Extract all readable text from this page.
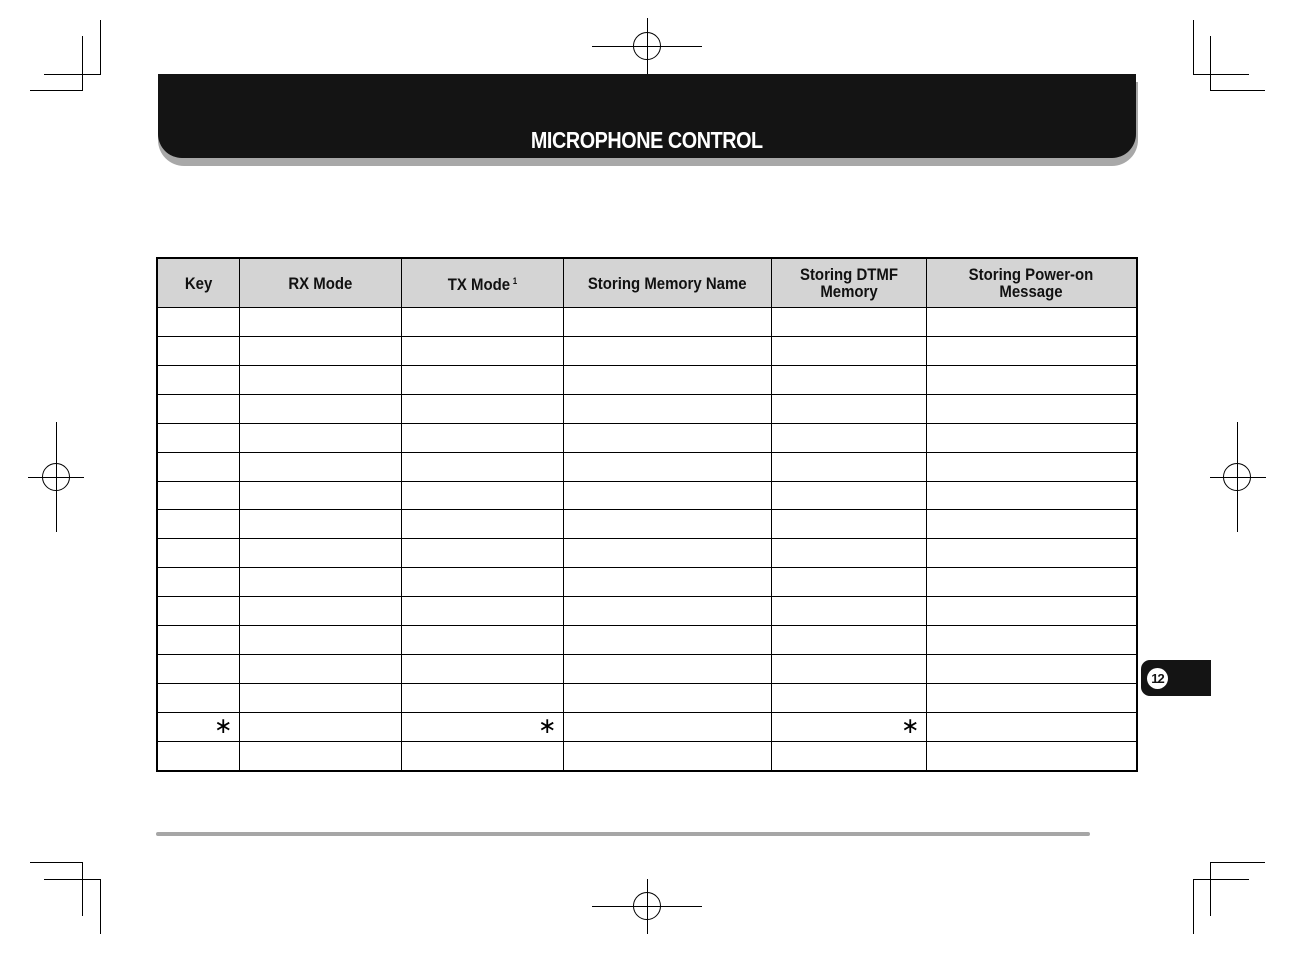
MICROPHONE CONTROL
Key	RX Mode	TX Mode $^1$	Storing Memory Name	Storing DTMF Memory	Storing Power-on Message

∗		∗		∗	

12
